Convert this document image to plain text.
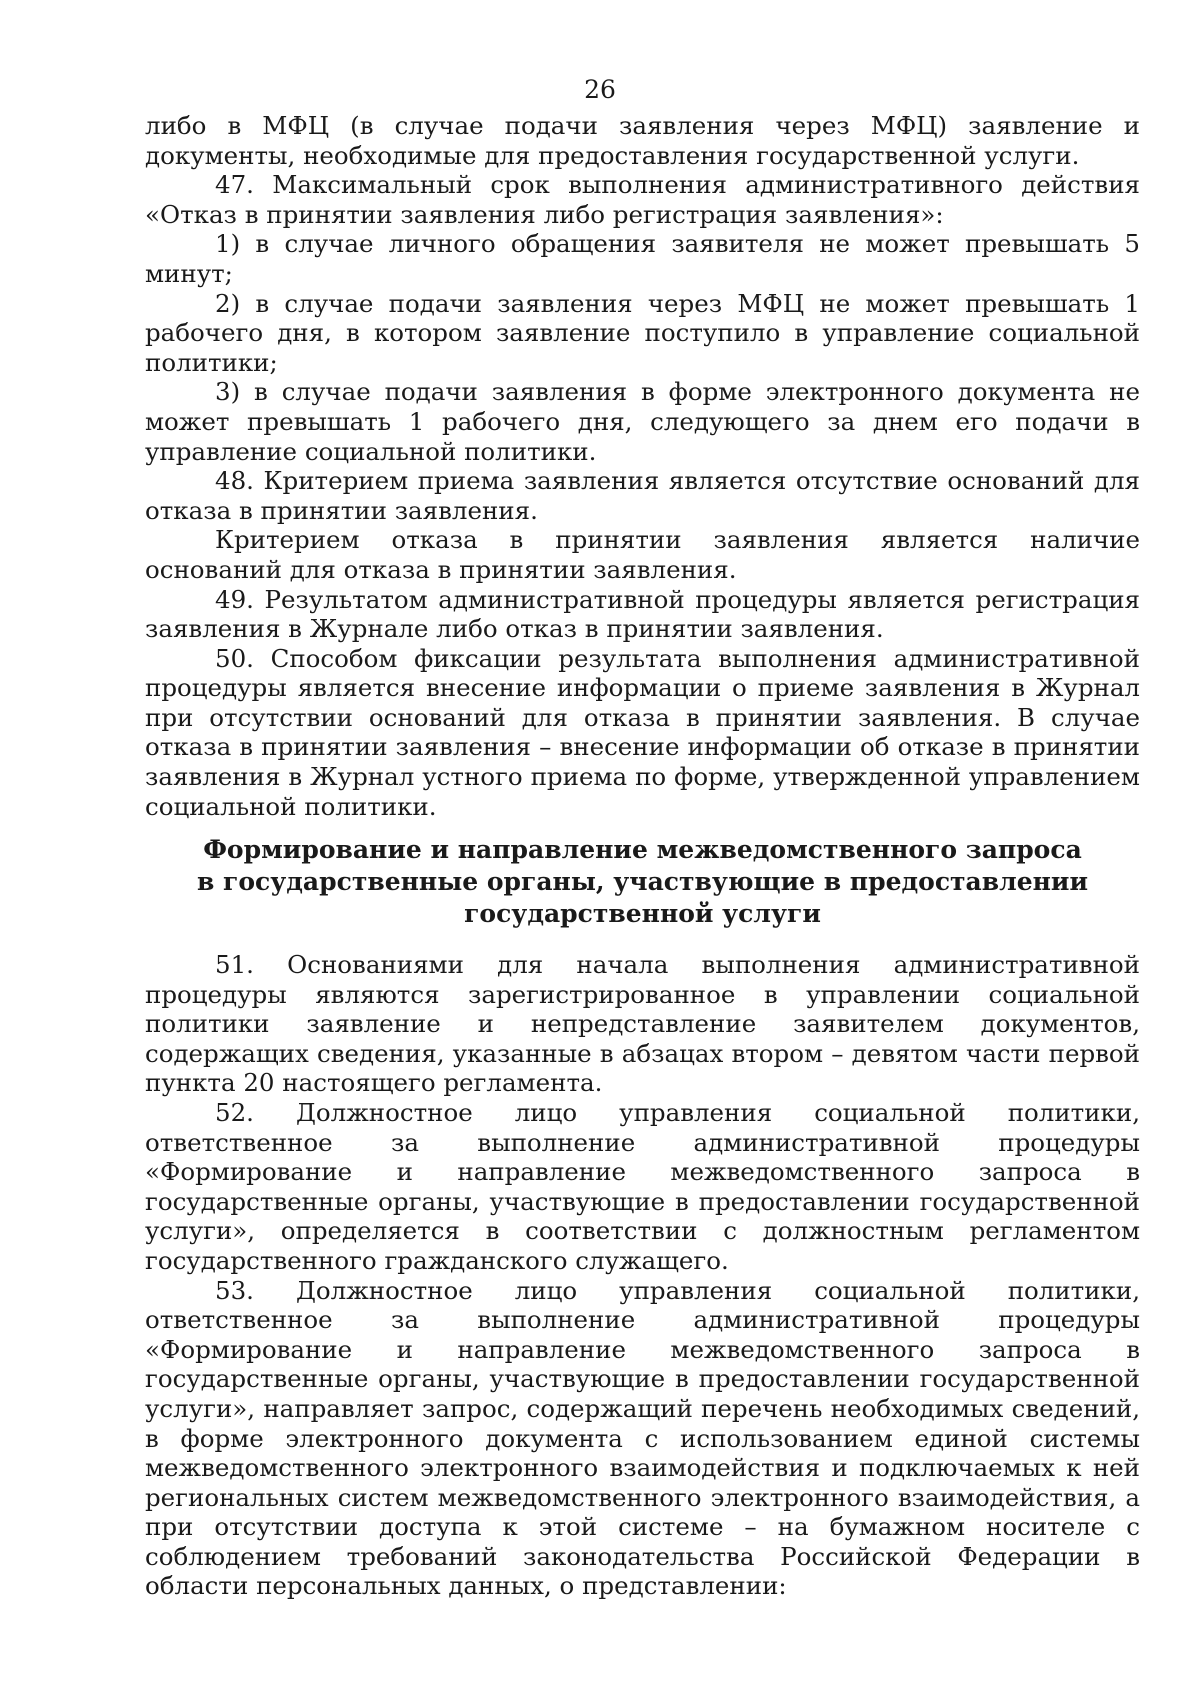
26

либо в МФЦ (в случае подачи заявления через МФЦ) заявление и документы, необходимые для предоставления государственной услуги.

47. Максимальный срок выполнения административного действия «Отказ в принятии заявления либо регистрация заявления»:

1) в случае личного обращения заявителя не может превышать 5 минут;

2) в случае подачи заявления через МФЦ не может превышать 1 рабочего дня, в котором заявление поступило в управление социальной политики;

3) в случае подачи заявления в форме электронного документа не может превышать 1 рабочего дня, следующего за днем его подачи в управление социальной политики.

48. Критерием приема заявления является отсутствие оснований для отказа в принятии заявления.

Критерием отказа в принятии заявления является наличие оснований для отказа в принятии заявления.

49. Результатом административной процедуры является регистрация заявления в Журнале либо отказ в принятии заявления.

50. Способом фиксации результата выполнения административной процедуры является внесение информации о приеме заявления в Журнал при отсутствии оснований для отказа в принятии заявления. В случае отказа в принятии заявления – внесение информации об отказе в принятии заявления в Журнал устного приема по форме, утвержденной управлением социальной политики.

Формирование и направление межведомственного запроса
в государственные органы, участвующие в предоставлении
государственной услуги

51. Основаниями для начала выполнения административной процедуры являются зарегистрированное в управлении социальной политики заявление и непредставление заявителем документов, содержащих сведения, указанные в абзацах втором – девятом части первой пункта 20 настоящего регламента.

52. Должностное лицо управления социальной политики, ответственное за выполнение административной процедуры «Формирование и направление межведомственного запроса в государственные органы, участвующие в предоставлении государственной услуги», определяется в соответствии с должностным регламентом государственного гражданского служащего.

53. Должностное лицо управления социальной политики, ответственное за выполнение административной процедуры «Формирование и направление межведомственного запроса в государственные органы, участвующие в предоставлении государственной услуги», направляет запрос, содержащий перечень необходимых сведений, в форме электронного документа с использованием единой системы межведомственного электронного взаимодействия и подключаемых к ней региональных систем межведомственного электронного взаимодействия, а при отсутствии доступа к этой системе – на бумажном носителе с соблюдением требований законодательства Российской Федерации в области персональных данных, о представлении:
